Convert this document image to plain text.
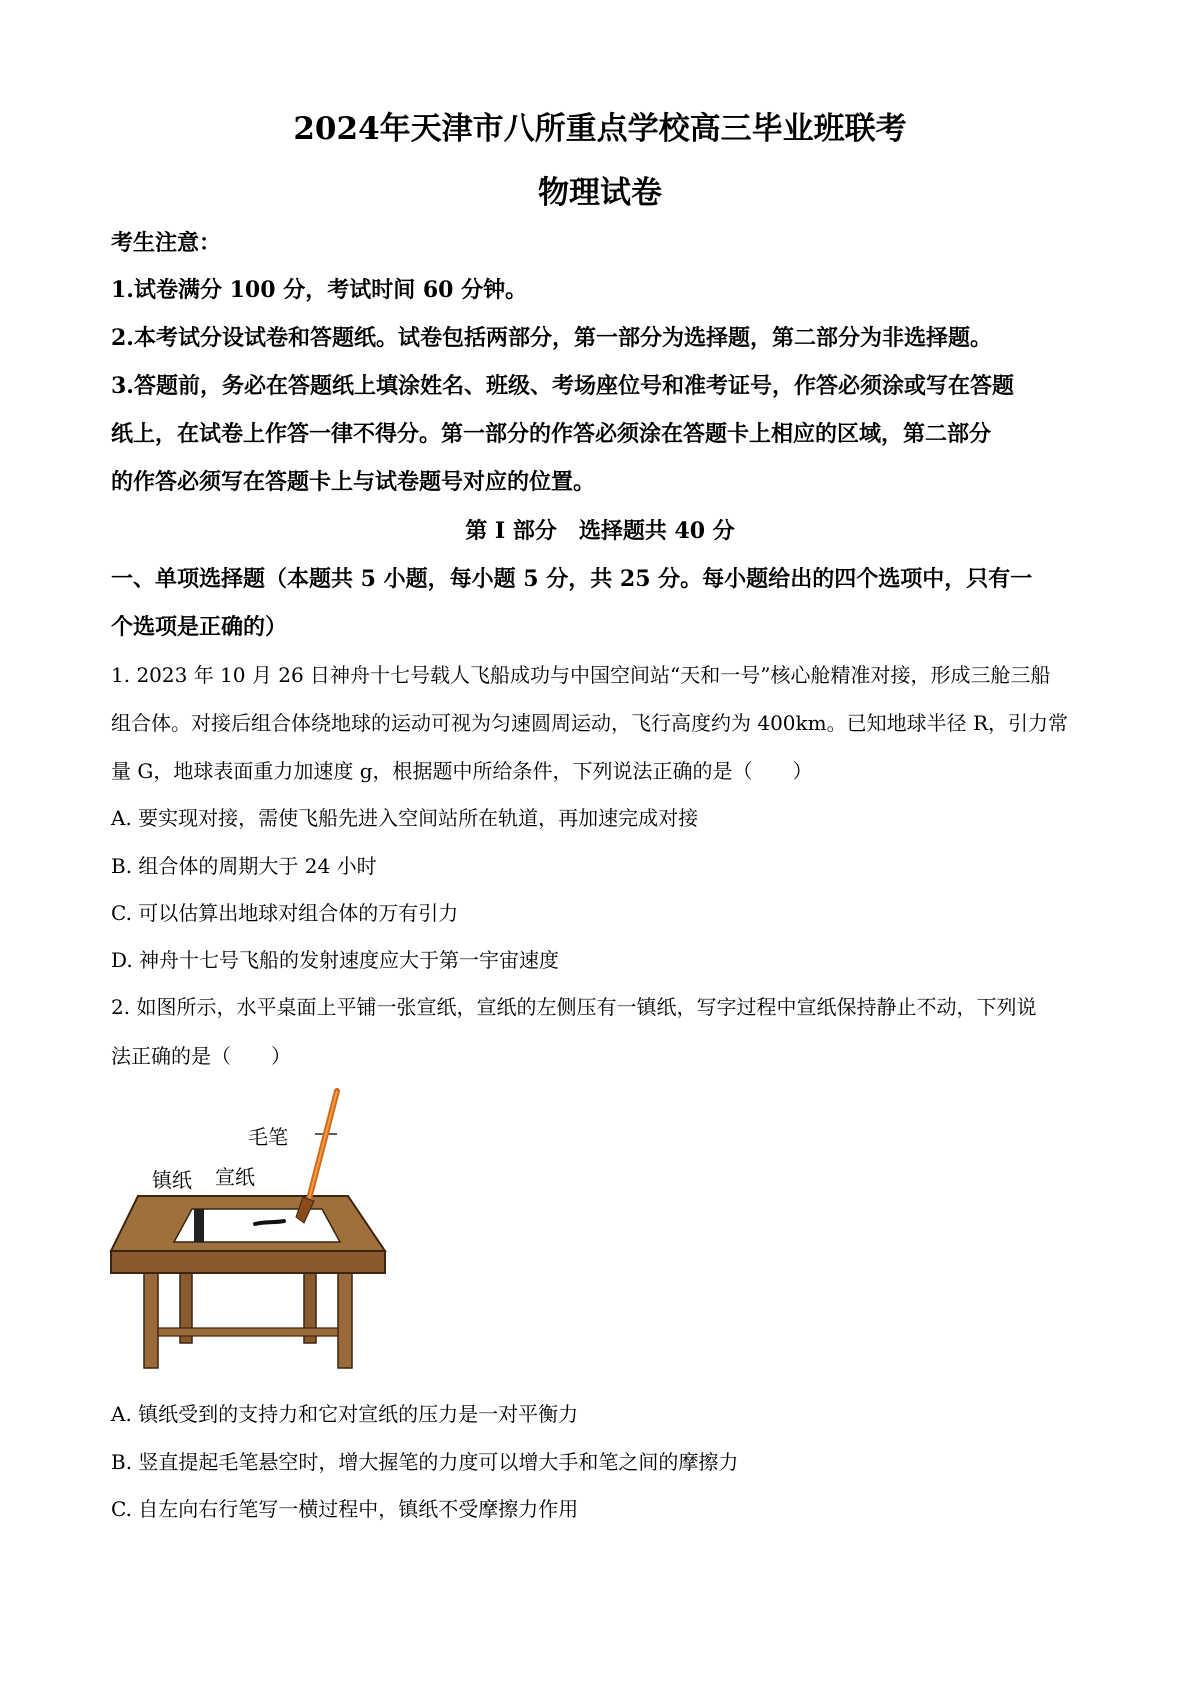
2024年天津市八所重点学校高三毕业班联考
物理试卷
考生注意：
1.试卷满分 100 分，考试时间 60 分钟。
2.本考试分设试卷和答题纸。试卷包括两部分，第一部分为选择题，第二部分为非选择题。
3.答题前，务必在答题纸上填涂姓名、班级、考场座位号和准考证号，作答必须涂或写在答题
纸上，在试卷上作答一律不得分。第一部分的作答必须涂在答题卡上相应的区域，第二部分
的作答必须写在答题卡上与试卷题号对应的位置。
第 I 部分　选择题共 40 分
一、单项选择题（本题共 5 小题，每小题 5 分，共 25 分。每小题给出的四个选项中，只有一
个选项是正确的）
1. 2023 年 10 月 26 日神舟十七号载人飞船成功与中国空间站“天和一号”核心舱精准对接，形成三舱三船
组合体。对接后组合体绕地球的运动可视为匀速圆周运动，飞行高度约为 400km。已知地球半径 R，引力常
量 G，地球表面重力加速度 g，根据题中所给条件，下列说法正确的是（　　）
A. 要实现对接，需使飞船先进入空间站所在轨道，再加速完成对接
B. 组合体的周期大于 24 小时
C. 可以估算出地球对组合体的万有引力
D. 神舟十七号飞船的发射速度应大于第一宇宙速度
2. 如图所示，水平桌面上平铺一张宣纸，宣纸的左侧压有一镇纸，写字过程中宣纸保持静止不动，下列说
法正确的是（　　）
毛笔
镇纸 宣纸
A. 镇纸受到的支持力和它对宣纸的压力是一对平衡力
B. 竖直提起毛笔悬空时，增大握笔的力度可以增大手和笔之间的摩擦力
C. 自左向右行笔写一横过程中，镇纸不受摩擦力作用
